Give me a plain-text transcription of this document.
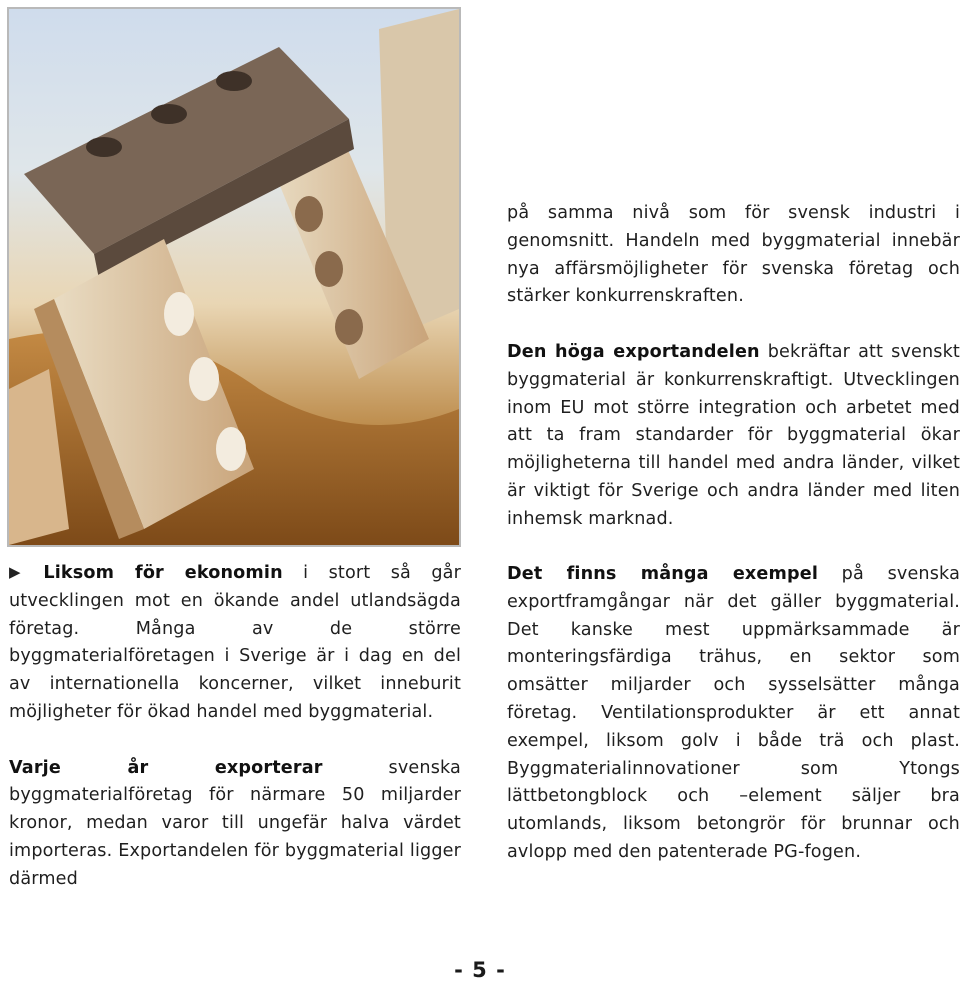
▶ Liksom för ekonomin i stort så går utvecklingen mot en ökande andel utlandsägda företag. Många av de större byggmaterialföretagen i Sverige är i dag en del av internationella koncerner, vilket inneburit möjligheter för ökad handel med byggmaterial.

Varje år exporterar svenska byggmaterialföretag för närmare 50 miljarder kronor, medan varor till ungefär halva värdet importeras. Exportandelen för byggmaterial ligger därmed

på samma nivå som för svensk industri i genomsnitt. Handeln med byggmaterial innebär nya affärsmöjligheter för svenska företag och stärker konkurrenskraften.

Den höga exportandelen bekräftar att svenskt byggmaterial är konkurrenskraftigt. Utvecklingen inom EU mot större integration och arbetet med att ta fram standarder för byggmaterial ökar möjligheterna till handel med andra länder, vilket är viktigt för Sverige och andra länder med liten inhemsk marknad.

Det finns många exempel på svenska exportframgångar när det gäller byggmaterial. Det kanske mest uppmärksammade är monteringsfärdiga trähus, en sektor som omsätter miljarder och sysselsätter många företag. Ventilationsprodukter är ett annat exempel, liksom golv i både trä och plast. Byggmaterialinnovationer som Ytongs lättbetongblock och –element säljer bra utomlands, liksom betongrör för brunnar och avlopp med den patenterade PG-fogen.

- 5 -
